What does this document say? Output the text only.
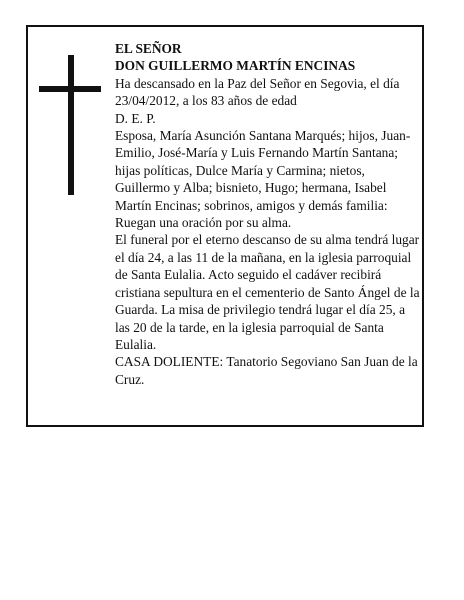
EL SEÑOR

DON GUILLERMO MARTÍN ENCINAS

Ha descansado en la Paz del Señor en Segovia, el día 23/04/2012, a los 83 años de edad

D. E. P.

Esposa, María Asunción Santana Marqués; hijos, Juan-Emilio, José-María y Luis Fernando Martín Santana; hijas políticas, Dulce María y Carmina; nietos, Guillermo y Alba; bisnieto, Hugo; hermana, Isabel Martín Encinas; sobrinos, amigos y demás familia:

Ruegan una oración por su alma.

El funeral por el eterno descanso de su alma tendrá lugar el día 24, a las 11 de la mañana, en la iglesia parroquial de Santa Eulalia. Acto seguido el cadáver recibirá cristiana sepultura en el cementerio de Santo Ángel de la Guarda. La misa de privilegio tendrá lugar el día 25, a las 20 de la tarde, en la iglesia parroquial de Santa Eulalia.

CASA DOLIENTE: Tanatorio Segoviano San Juan de la Cruz.
